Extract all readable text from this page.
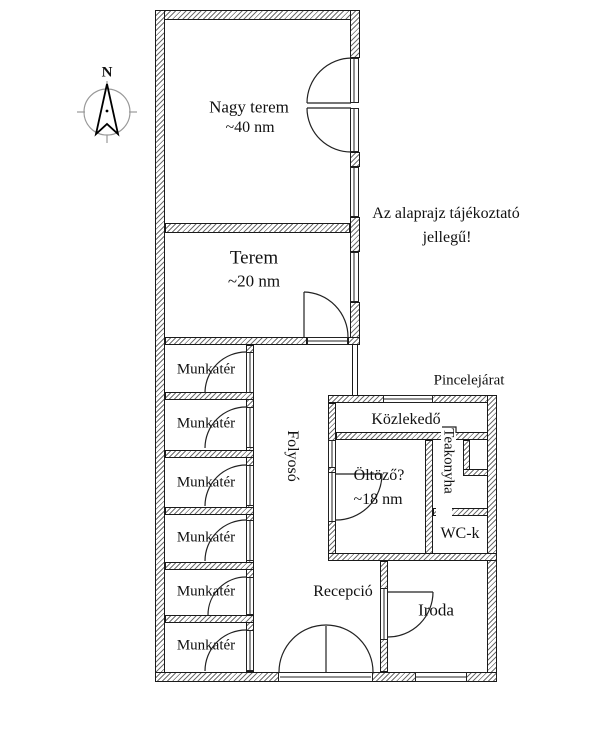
N
Nagy terem
~40 nm
Terem
~20 nm
Az alaprajz tájékoztató
jellegű!
Pincelejárat
Munkatér
Munkatér
Munkatér
Munkatér
Munkatér
Munkatér
Folyosó
Közlekedő
Öltöző?
~18 nm
Teakonyha
WC-k
Recepció
Iroda
